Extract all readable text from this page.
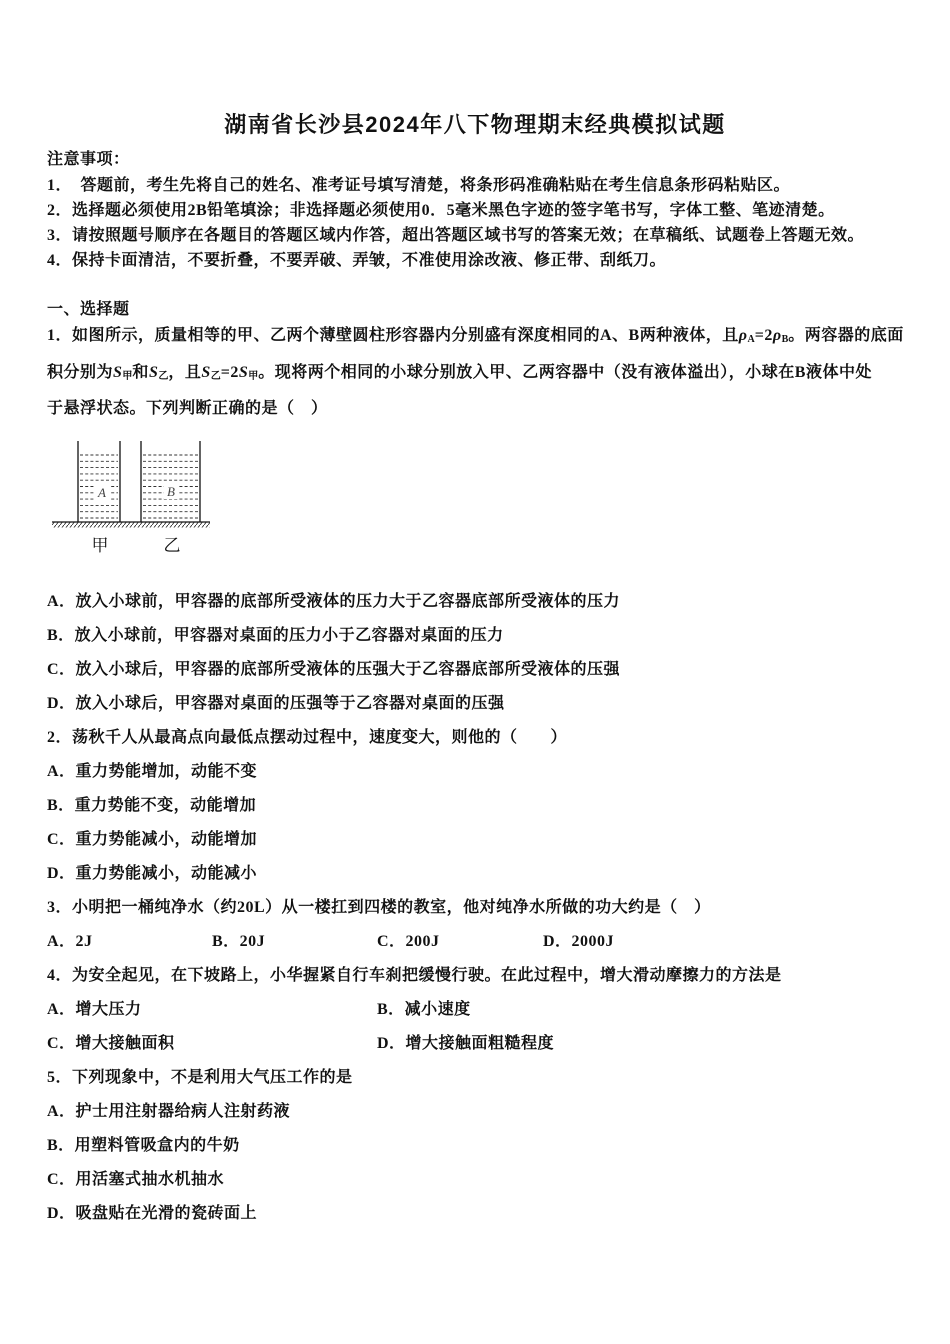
湖南省长沙县2024年八下物理期末经典模拟试题
注意事项：
1．　答题前，考生先将自己的姓名、准考证号填写清楚，将条形码准确粘贴在考生信息条形码粘贴区。
2．选择题必须使用2B铅笔填涂；非选择题必须使用0．5毫米黑色字迹的签字笔书写，字体工整、笔迹清楚。
3．请按照题号顺序在各题目的答题区域内作答，超出答题区域书写的答案无效；在草稿纸、试题卷上答题无效。
4．保持卡面清洁，不要折叠，不要弄破、弄皱，不准使用涂改液、修正带、刮纸刀。
一、选择题
1．如图所示，质量相等的甲、乙两个薄壁圆柱形容器内分别盛有深度相同的A、B两种液体，且$\rho_A=2\rho_B$。两容器的底面
积分别为$S_甲$和$S_乙$，且$S_乙=2S_甲$。现将两个相同的小球分别放入甲、乙两容器中（没有液体溢出），小球在B液体中处
于悬浮状态。下列判断正确的是（　）
A	B
甲	乙
A．放入小球前，甲容器的底部所受液体的压力大于乙容器底部所受液体的压力
B．放入小球前，甲容器对桌面的压力小于乙容器对桌面的压力
C．放入小球后，甲容器的底部所受液体的压强大于乙容器底部所受液体的压强
D．放入小球后，甲容器对桌面的压强等于乙容器对桌面的压强
2．荡秋千人从最高点向最低点摆动过程中，速度变大，则他的（　　）
A．重力势能增加，动能不变
B．重力势能不变，动能增加
C．重力势能减小，动能增加
D．重力势能减小，动能减小
3．小明把一桶纯净水（约20L）从一楼扛到四楼的教室，他对纯净水所做的功大约是（　）
A．2J	B．20J	C．200J	D．2000J
4．为安全起见，在下坡路上，小华握紧自行车刹把缓慢行驶。在此过程中，增大滑动摩擦力的方法是
A．增大压力	B．减小速度
C．增大接触面积	D．增大接触面粗糙程度
5．下列现象中，不是利用大气压工作的是
A．护士用注射器给病人注射药液
B．用塑料管吸盒内的牛奶
C．用活塞式抽水机抽水
D．吸盘贴在光滑的瓷砖面上
